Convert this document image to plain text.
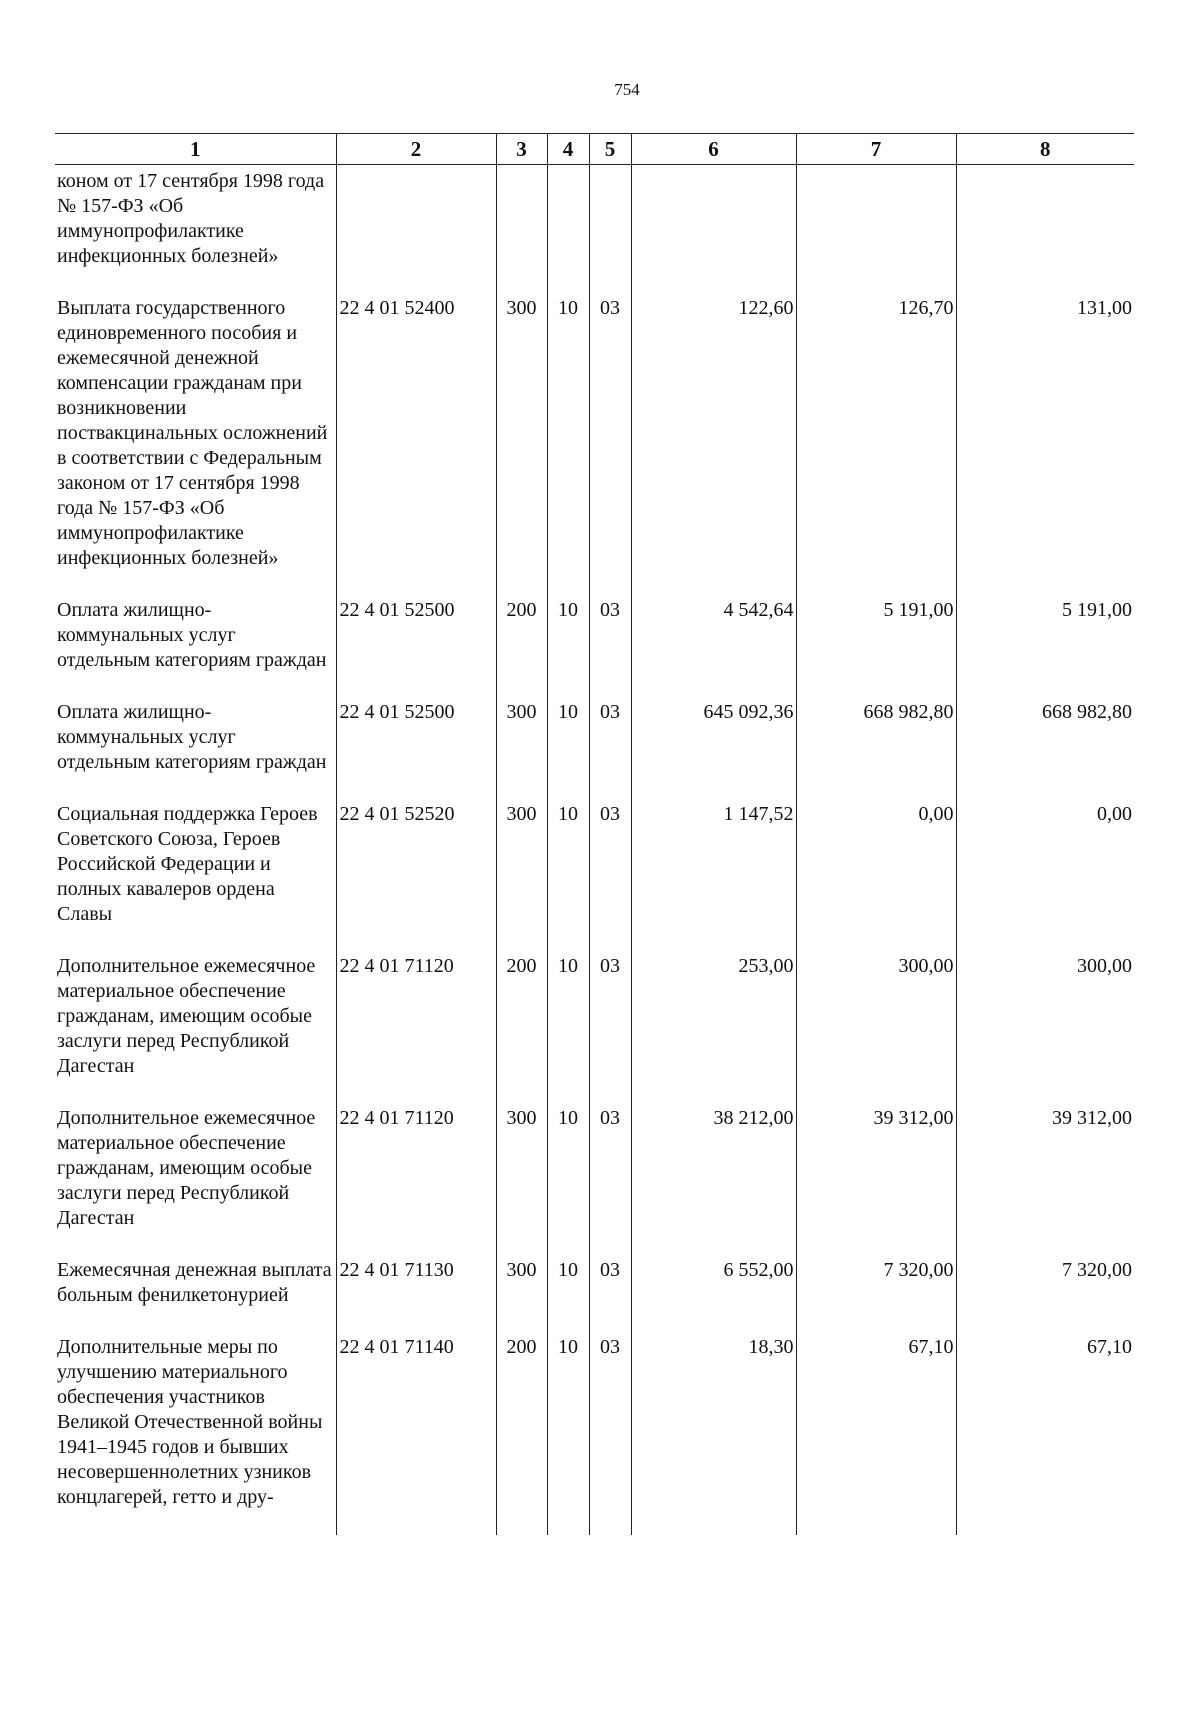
754
1	2	3	4	5	6	7	8
коном от 17 сентября 1998 года № 157-ФЗ «Об иммунопрофилактике инфекционных болезней»							
Выплата государственного единовременного пособия и ежемесячной денежной компенсации гражданам при возникновении поствакцинальных осложнений в соответствии с Федеральным законом от 17 сентября 1998 года № 157-ФЗ «Об иммунопрофилактике инфекционных болезней»	22 4 01 52400	300	10	03	122,60	126,70	131,00
Оплата жилищно-коммунальных услуг отдельным категориям граждан	22 4 01 52500	200	10	03	4 542,64	5 191,00	5 191,00
Оплата жилищно-коммунальных услуг отдельным категориям граждан	22 4 01 52500	300	10	03	645 092,36	668 982,80	668 982,80
Социальная поддержка Героев Советского Союза, Героев Российской Федерации и полных кавалеров ордена Славы	22 4 01 52520	300	10	03	1 147,52	0,00	0,00
Дополнительное ежемесячное материальное обеспечение гражданам, имеющим особые заслуги перед Республикой Дагестан	22 4 01 71120	200	10	03	253,00	300,00	300,00
Дополнительное ежемесячное материальное обеспечение гражданам, имеющим особые заслуги перед Республикой Дагестан	22 4 01 71120	300	10	03	38 212,00	39 312,00	39 312,00
Ежемесячная денежная выплата больным фенилкетонурией	22 4 01 71130	300	10	03	6 552,00	7 320,00	7 320,00
Дополнительные меры по улучшению материального обеспечения участников Великой Отечественной войны 1941–1945 годов и бывших несовершеннолетних узников концлагерей, гетто и дру-	22 4 01 71140	200	10	03	18,30	67,10	67,10
